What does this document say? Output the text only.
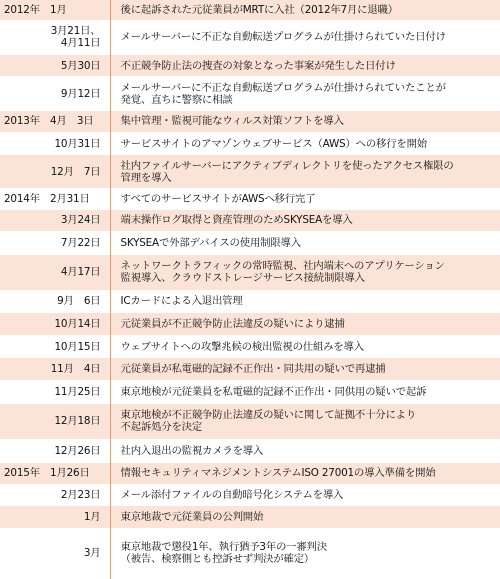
2012年　1月	後に起訴された元従業員がMRTに入社（2012年7月に退職）
3月21日、
4月11日	メールサーバーに不正な自動転送プログラムが仕掛けられていた日付け
5月30日	不正競争防止法の捜査の対象となった事案が発生した日付け
9月12日	メールサーバーに不正な自動転送プログラムが仕掛けられていたことが
発覚、直ちに警察に相談
2013年　4月　3日	集中管理・監視可能なウィルス対策ソフトを導入
10月31日	サービスサイトのアマゾンウェブサービス（AWS）への移行を開始
12月　7日	社内ファイルサーバーにアクティブディレクトリを使ったアクセス権限の
管理を導入
2014年　2月31日	すべてのサービスサイトがAWSへ移行完了
3月24日	端末操作ログ取得と資産管理のためSKYSEAを導入
7月22日	SKYSEAで外部デバイスの使用制限導入
4月17日	ネットワークトラフィックの常時監視、社内端末へのアプリケーション
監視導入、クラウドストレージサービス接続制限導入
9月　6日	ICカードによる入退出管理
10月14日	元従業員が不正競争防止法違反の疑いにより逮捕
10月15日	ウェブサイトへの攻撃兆候の検出監視の仕組みを導入
11月　4日	元従業員が私電磁的記録不正作出・同共用の疑いで再逮捕
11月25日	東京地検が元従業員を私電磁的記録不正作出・同供用の疑いで起訴
12月18日	東京地検が不正競争防止法違反の疑いに関して証拠不十分により
不起訴処分を決定
12月26日	社内入退出の監視カメラを導入
2015年　1月26日	情報セキュリティマネジメントシステムISO 27001の導入準備を開始
2月23日	メール添付ファイルの自動暗号化システムを導入
1月	東京地裁で元従業員の公判開始
3月	東京地裁で懲役1年、執行猶予3年の一審判決
（被告、検察側とも控訴せず判決が確定）
